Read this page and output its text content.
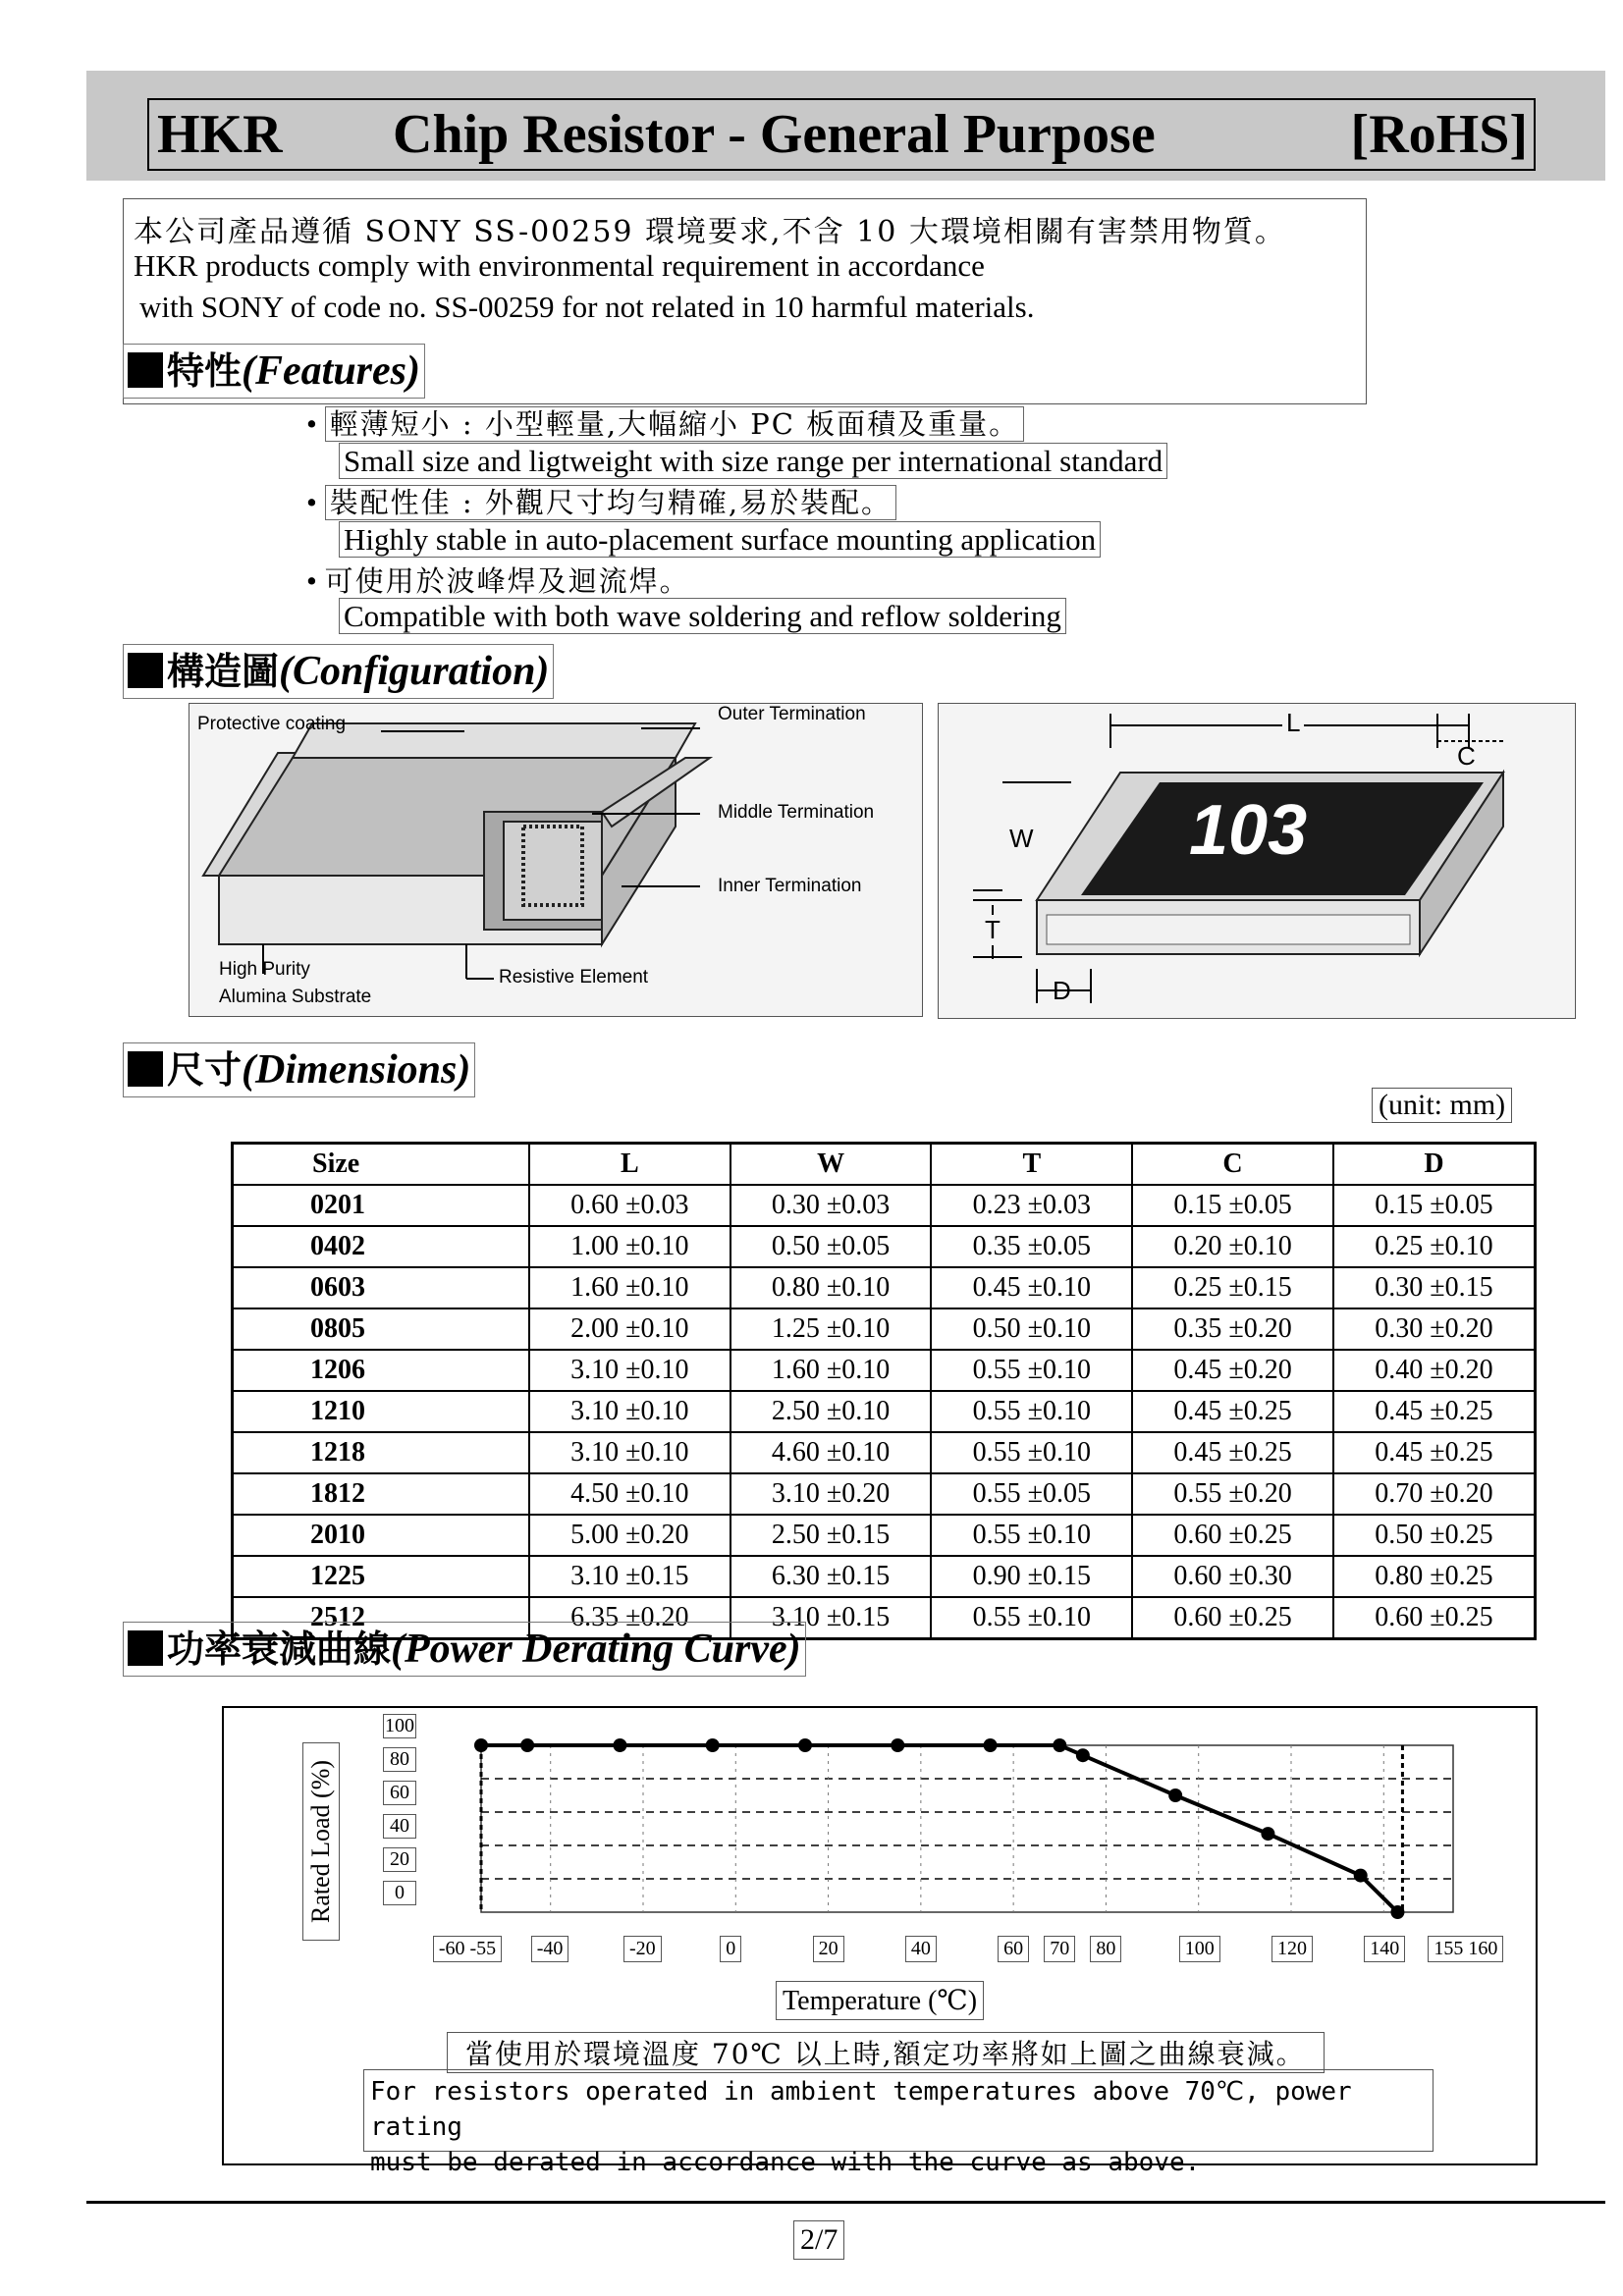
HKR Chip Resistor - General Purpose	[RoHS]
本公司產品遵循 SONY SS-00259 環境要求,不含 10 大環境相關有害禁用物質。
HKR products comply with environmental requirement in accordance
with SONY of code no. SS-00259 for not related in 10 harmful materials.
特性(Features)
• 輕薄短小 : 小型輕量,大幅縮小 PC 板面積及重量。
Small size and ligtweight with size range per international standard
• 裝配性佳 : 外觀尺寸均勻精確,易於裝配。
Highly stable in auto-placement surface mounting application
• 可使用於波峰焊及迴流焊。
Compatible with both wave soldering and reflow soldering
構造圖(Configuration)
Protective coating	Outer Termination
Middle Termination
Inner Termination
High Purity
Alumina Substrate
Resistive Element
103
L
C
W
T
D
尺寸(Dimensions)
(unit: mm)
Size	L	W	T	C	D
0201	0.60 ±0.03	0.30 ±0.03	0.23 ±0.03	0.15 ±0.05	0.15 ±0.05
0402	1.00 ±0.10	0.50 ±0.05	0.35 ±0.05	0.20 ±0.10	0.25 ±0.10
0603	1.60 ±0.10	0.80 ±0.10	0.45 ±0.10	0.25 ±0.15	0.30 ±0.15
0805	2.00 ±0.10	1.25 ±0.10	0.50 ±0.10	0.35 ±0.20	0.30 ±0.20
1206	3.10 ±0.10	1.60 ±0.10	0.55 ±0.10	0.45 ±0.20	0.40 ±0.20
1210	3.10 ±0.10	2.50 ±0.10	0.55 ±0.10	0.45 ±0.25	0.45 ±0.25
1218	3.10 ±0.10	4.60 ±0.10	0.55 ±0.10	0.45 ±0.25	0.45 ±0.25
1812	4.50 ±0.10	3.10 ±0.20	0.55 ±0.05	0.55 ±0.20	0.70 ±0.20
2010	5.00 ±0.20	2.50 ±0.15	0.55 ±0.10	0.60 ±0.25	0.50 ±0.25
1225	3.10 ±0.15	6.30 ±0.15	0.90 ±0.15	0.60 ±0.30	0.80 ±0.25
2512	6.35 ±0.20	3.10 ±0.15	0.55 ±0.10	0.60 ±0.25	0.60 ±0.25
功率衰減曲線(Power Derating Curve)
Rated Load (%)
100
80
60
40
20
0
-60 -55	-40	-20	0	20	40	60	70	80	100	120	140	155 160
Temperature (℃)
當使用於環境溫度 70℃ 以上時,額定功率將如上圖之曲線衰減。
For resistors operated in ambient temperatures above 70℃, power rating
must be derated in accordance with the curve as above.
2/7
